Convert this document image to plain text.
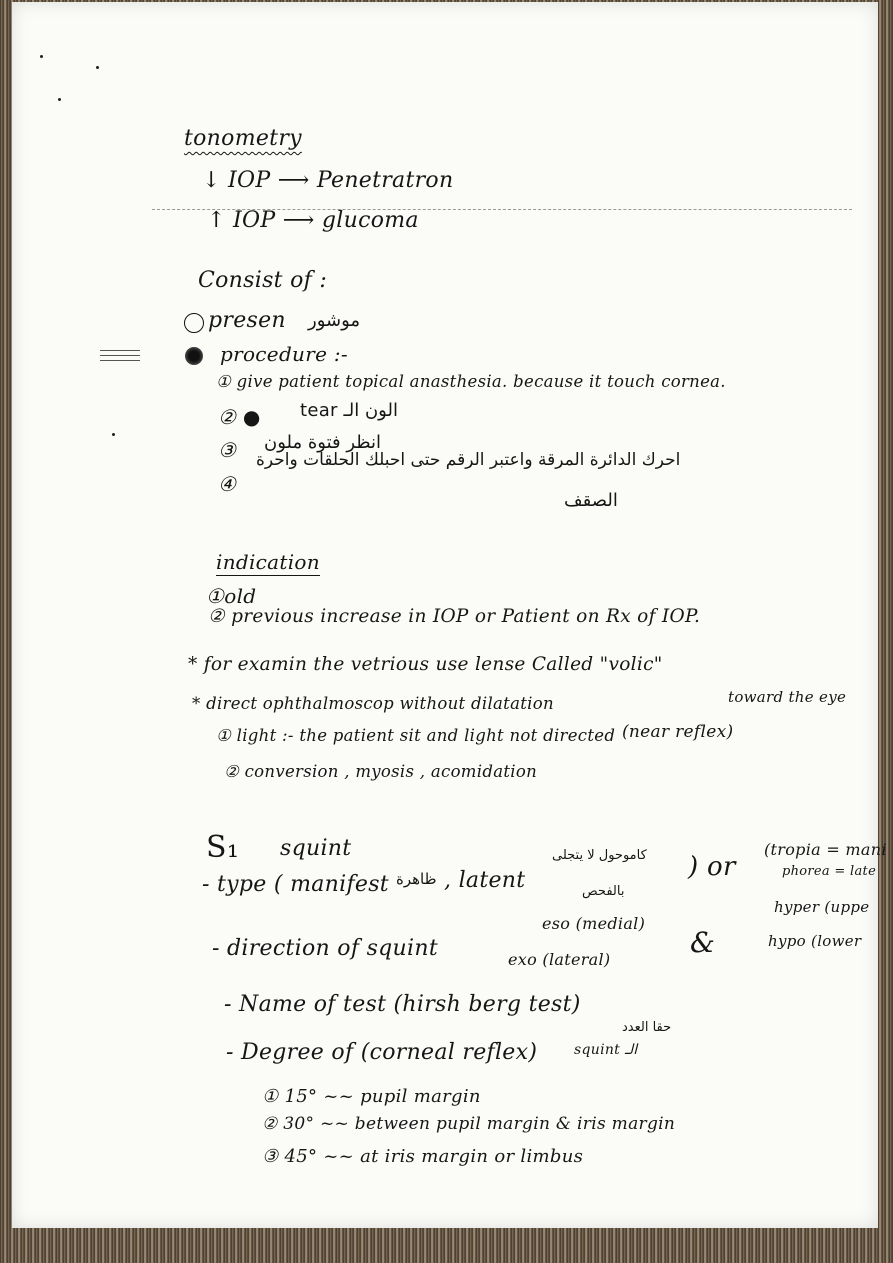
tonometry
↓ IOP ⟶ Penetratron
↑ IOP ⟶ glucoma
Consist of :
presen موشور
procedure :-
① give patient topical anasthesia. because it touch cornea.
② ● الون الـ tear
③ انظر فتوة ملون
④
احرك الدائرة المرقة واعتبر الرقم حتى احبلك الحلقات واحرة
الصقف
indication
①old
② previous increase in IOP or Patient on Rx of IOP.
* for examin the vetrious use lense Called "volic"
* direct ophthalmoscop without dilatation	toward the eye
① light :- the patient sit and light not directed (near reflex)
② conversion , myosis , acomidation
S₁ squint
- type ( manifest ظاهرة , latent
كاموحول لا يتجلى
بالفحص
) or
(tropia = mani
phorea = late
- direction of squint
eso (medial)
exo (lateral)
&
hyper (uppe
hypo (lower
- Name of test (hirsh berg test)
- Degree of (corneal reflex)
حقا العدد
squint الـ
① 15° ~~ pupil margin
② 30° ~~ between pupil margin & iris margin
③ 45° ~~ at iris margin or limbus
